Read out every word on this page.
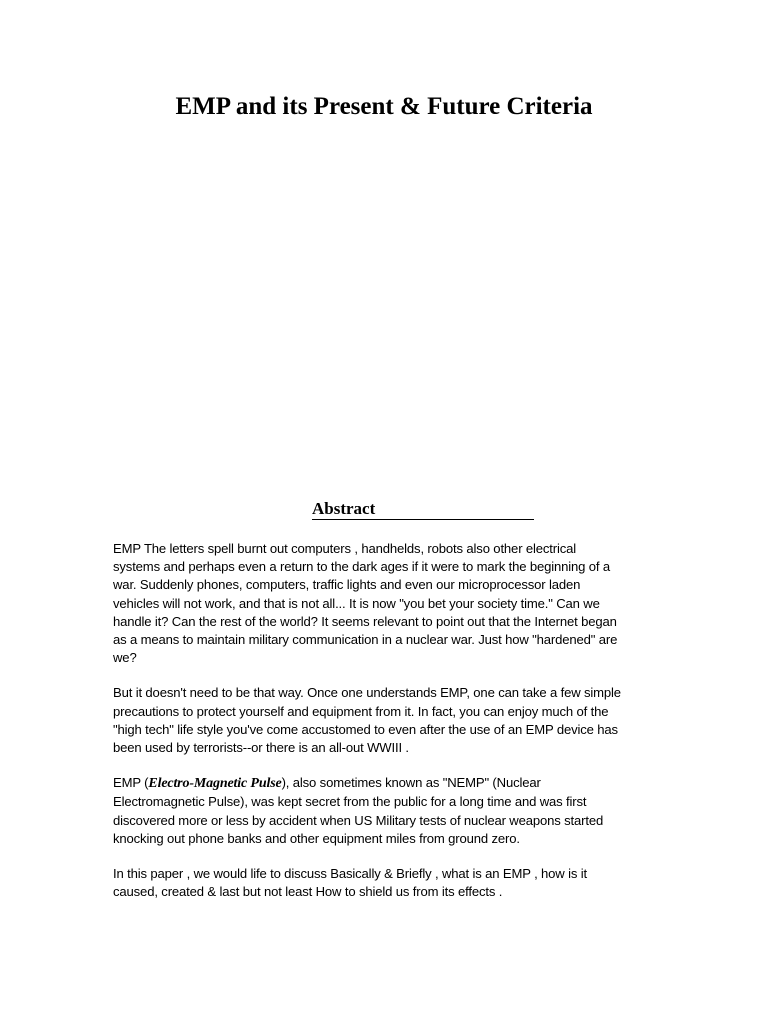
EMP and its Present & Future Criteria
Abstract

EMP The letters spell burnt out computers , handhelds, robots also other electrical
systems and perhaps even a return to the dark ages if it were to mark the beginning of a
war. Suddenly phones, computers, traffic lights and even our microprocessor laden
vehicles will not work, and that is not all... It is now "you bet your society time." Can we
handle it? Can the rest of the world? It seems relevant to point out that the Internet began
as a means to maintain military communication in a nuclear war. Just how "hardened" are
we?

But it doesn't need to be that way. Once one understands EMP, one can take a few simple
precautions to protect yourself and equipment from it. In fact, you can enjoy much of the
"high tech" life style you've come accustomed to even after the use of an EMP device has
been used by terrorists--or there is an all-out WWIII .

EMP (Electro-Magnetic Pulse), also sometimes known as "NEMP" (Nuclear
Electromagnetic Pulse), was kept secret from the public for a long time and was first
discovered more or less by accident when US Military tests of nuclear weapons started
knocking out phone banks and other equipment miles from ground zero.

In this paper , we would life to discuss Basically & Briefly , what is an EMP , how is it
caused, created & last but not least How to shield us from its effects .
